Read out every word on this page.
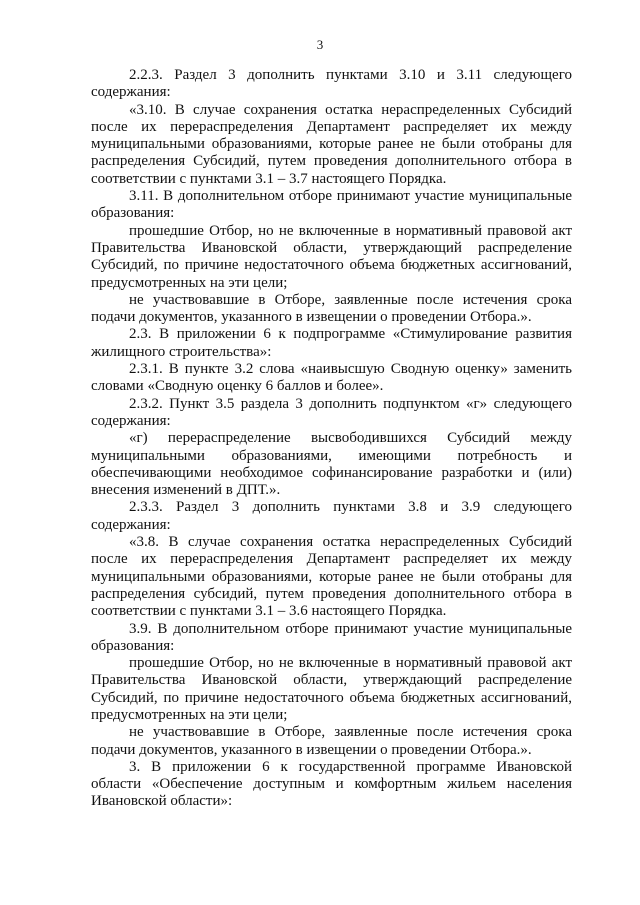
3

2.2.3. Раздел 3 дополнить пунктами 3.10 и 3.11 следующего содержания:

«3.10. В случае сохранения остатка нераспределенных Субсидий после их перераспределения Департамент распределяет их между муниципальными образованиями, которые ранее не были отобраны для распределения Субсидий, путем проведения дополнительного отбора в соответствии с пунктами 3.1 – 3.7 настоящего Порядка.

3.11. В дополнительном отборе принимают участие муниципальные образования:

прошедшие Отбор, но не включенные в нормативный правовой акт Правительства Ивановской области, утверждающий распределение Субсидий, по причине недостаточного объема бюджетных ассигнований, предусмотренных на эти цели;

не участвовавшие в Отборе, заявленные после истечения срока подачи документов, указанного в извещении о проведении Отбора.».

2.3. В приложении 6 к подпрограмме «Стимулирование развития жилищного строительства»:

2.3.1. В пункте 3.2 слова «наивысшую Сводную оценку» заменить словами «Сводную оценку 6 баллов и более».

2.3.2. Пункт 3.5 раздела 3 дополнить подпунктом «г» следующего содержания:

«г) перераспределение высвободившихся Субсидий между муниципальными образованиями, имеющими потребность и обеспечивающими необходимое софинансирование разработки и (или) внесения изменений в ДПТ.».

2.3.3. Раздел 3 дополнить пунктами 3.8 и 3.9 следующего содержания:

«3.8. В случае сохранения остатка нераспределенных Субсидий после их перераспределения Департамент распределяет их между муниципальными образованиями, которые ранее не были отобраны для распределения субсидий, путем проведения дополнительного отбора в соответствии с пунктами 3.1 – 3.6 настоящего Порядка.

3.9. В дополнительном отборе принимают участие муниципальные образования:

прошедшие Отбор, но не включенные в нормативный правовой акт Правительства Ивановской области, утверждающий распределение Субсидий, по причине недостаточного объема бюджетных ассигнований, предусмотренных на эти цели;

не участвовавшие в Отборе, заявленные после истечения срока подачи документов, указанного в извещении о проведении Отбора.».

3. В приложении 6 к государственной программе Ивановской области «Обеспечение доступным и комфортным жильем населения Ивановской области»:
